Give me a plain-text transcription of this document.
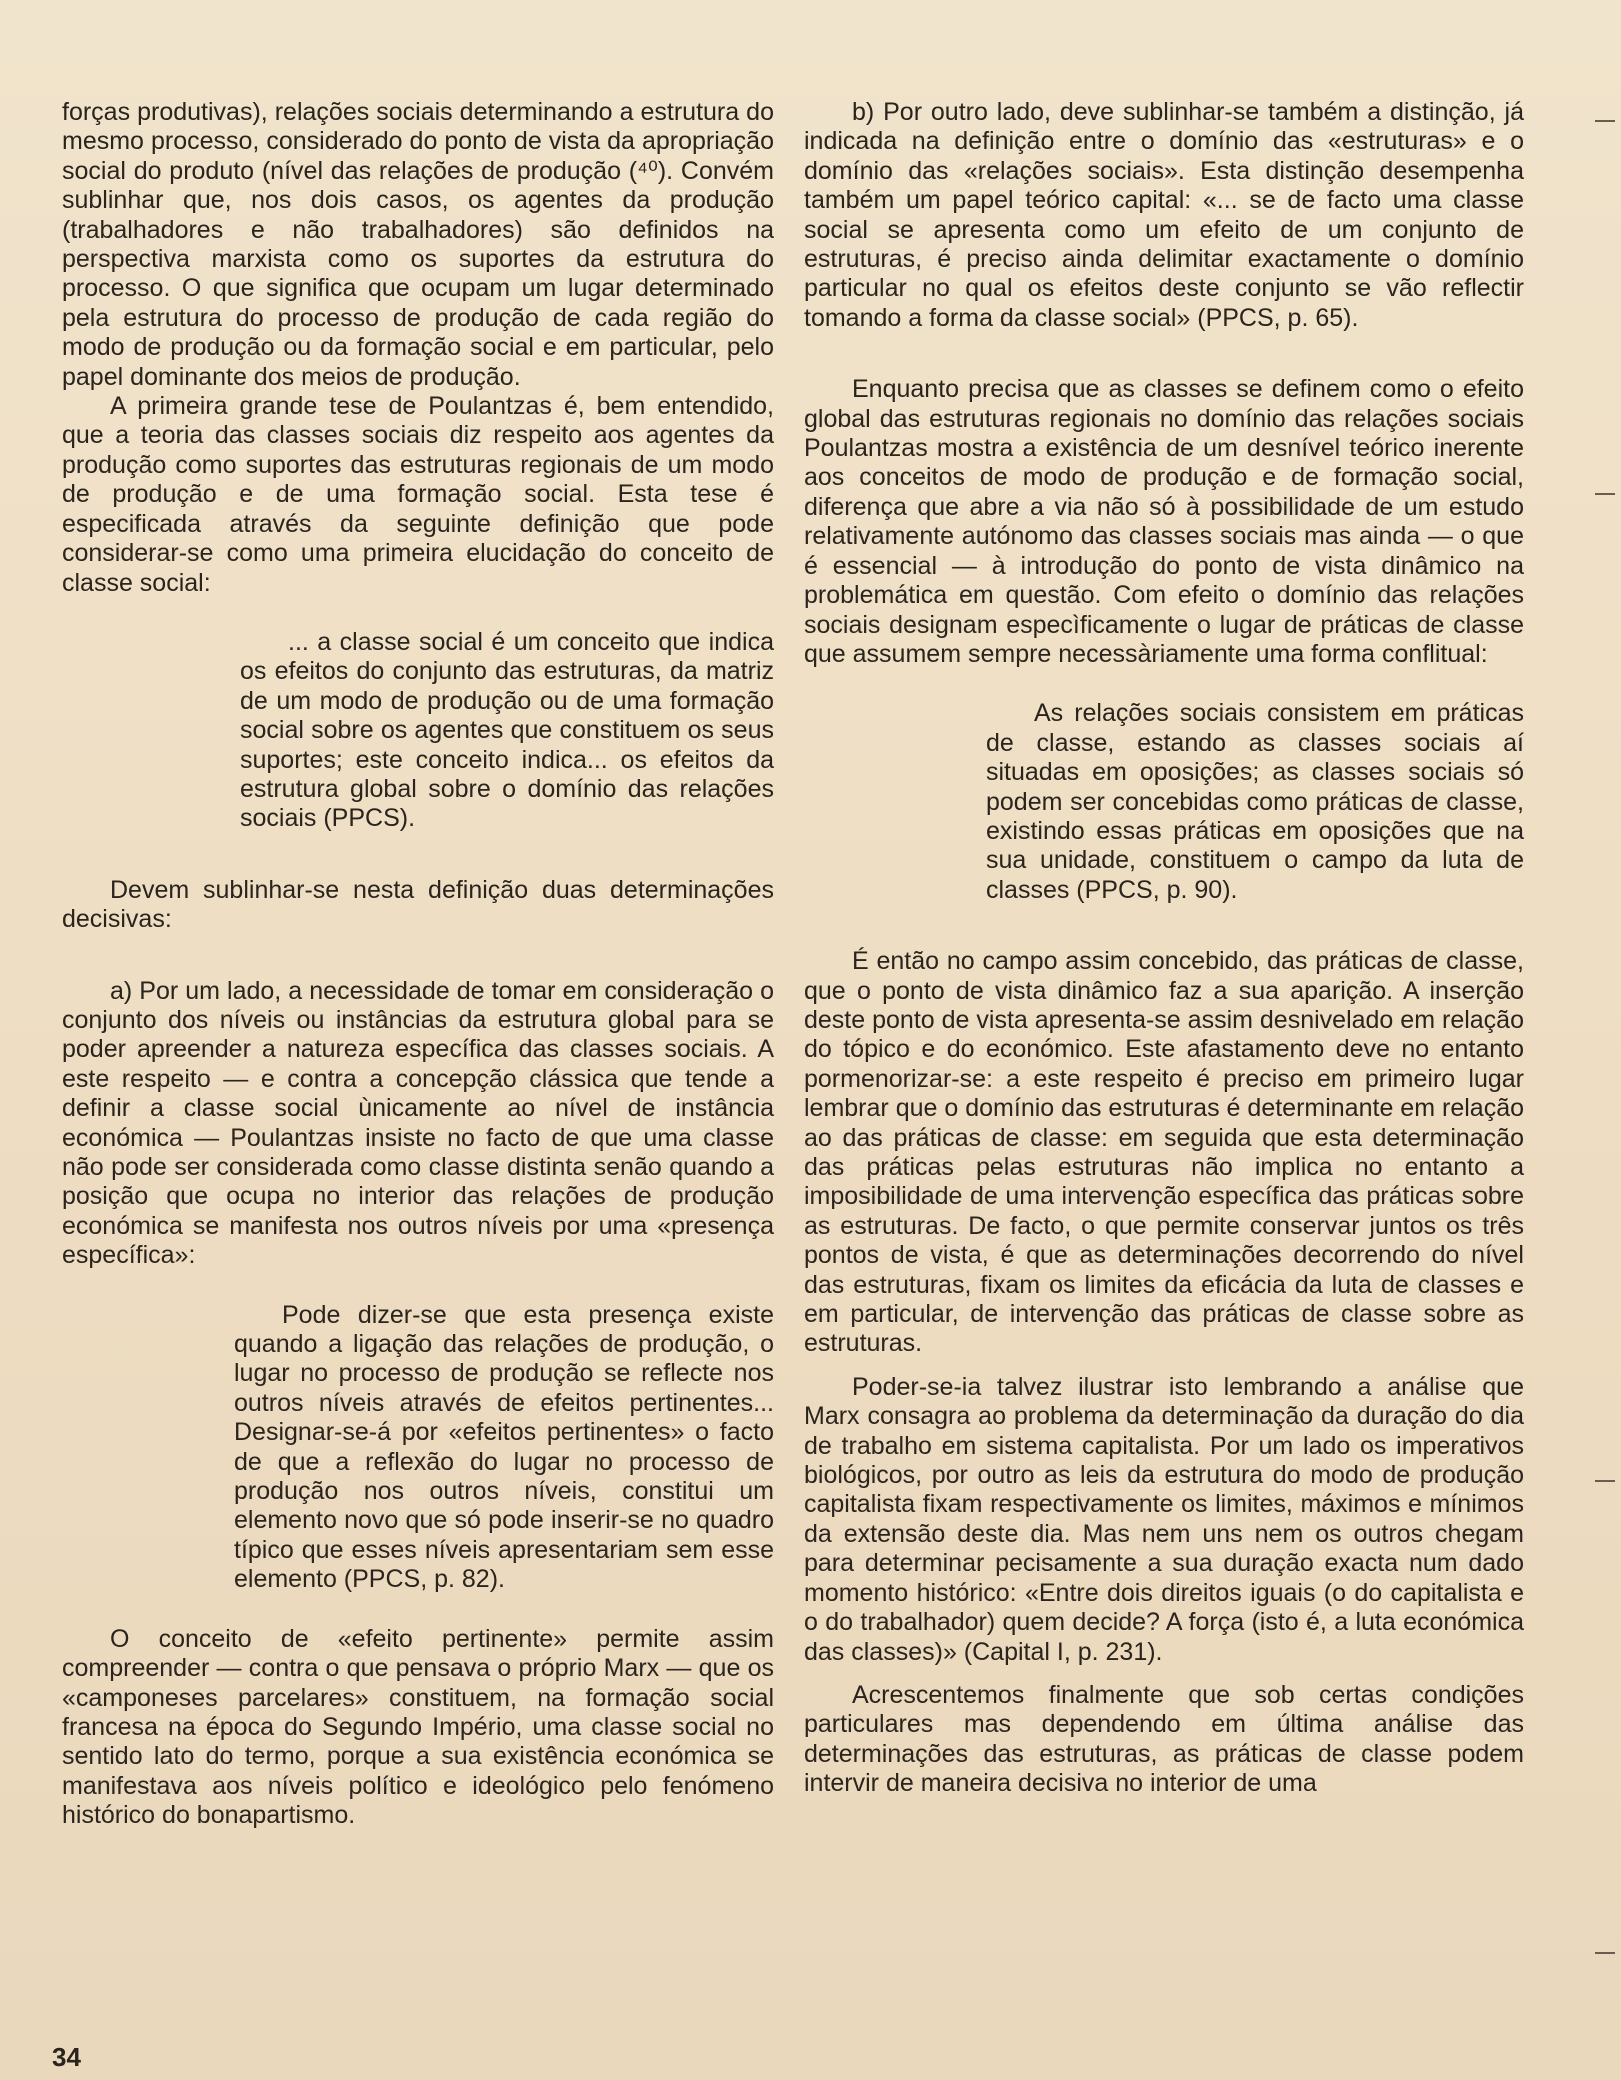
forças produtivas), relações sociais determinando a estrutura do mesmo processo, considerado do ponto de vista da apropriação social do produto (nível das relações de produção (⁴⁰). Convém sublinhar que, nos dois casos, os agentes da produção (trabalhadores e não trabalhadores) são definidos na perspectiva marxista como os suportes da estrutura do processo. O que significa que ocupam um lugar determinado pela estrutura do processo de produção de cada região do modo de produção ou da formação social e em particular, pelo papel dominante dos meios de produção.

A primeira grande tese de Poulantzas é, bem entendido, que a teoria das classes sociais diz respeito aos agentes da produção como suportes das estruturas regionais de um modo de produção e de uma formação social. Esta tese é especificada através da seguinte definição que pode considerar-se como uma primeira elucidação do conceito de classe social:

... a classe social é um conceito que indica os efeitos do conjunto das estruturas, da matriz de um modo de produção ou de uma formação social sobre os agentes que constituem os seus suportes; este conceito indica... os efeitos da estrutura global sobre o domínio das relações sociais (PPCS).

Devem sublinhar-se nesta definição duas determinações decisivas:

a) Por um lado, a necessidade de tomar em consideração o conjunto dos níveis ou instâncias da estrutura global para se poder apreender a natureza específica das classes sociais. A este respeito — e contra a concepção clássica que tende a definir a classe social ùnicamente ao nível de instância económica — Poulantzas insiste no facto de que uma classe não pode ser considerada como classe distinta senão quando a posição que ocupa no interior das relações de produção económica se manifesta nos outros níveis por uma «presença específica»:

Pode dizer-se que esta presença existe quando a ligação das relações de produção, o lugar no processo de produção se reflecte nos outros níveis através de efeitos pertinentes... Designar-se-á por «efeitos pertinentes» o facto de que a reflexão do lugar no processo de produção nos outros níveis, constitui um elemento novo que só pode inserir-se no quadro típico que esses níveis apresentariam sem esse elemento (PPCS, p. 82).

O conceito de «efeito pertinente» permite assim compreender — contra o que pensava o próprio Marx — que os «camponeses parcelares» constituem, na formação social francesa na época do Segundo Império, uma classe social no sentido lato do termo, porque a sua existência económica se manifestava aos níveis político e ideológico pelo fenómeno histórico do bonapartismo.

b) Por outro lado, deve sublinhar-se também a distinção, já indicada na definição entre o domínio das «estruturas» e o domínio das «relações sociais». Esta distinção desempenha também um papel teórico capital: «... se de facto uma classe social se apresenta como um efeito de um conjunto de estruturas, é preciso ainda delimitar exactamente o domínio particular no qual os efeitos deste conjunto se vão reflectir tomando a forma da classe social» (PPCS, p. 65).

Enquanto precisa que as classes se definem como o efeito global das estruturas regionais no domínio das relações sociais Poulantzas mostra a existência de um desnível teórico inerente aos conceitos de modo de produção e de formação social, diferença que abre a via não só à possibilidade de um estudo relativamente autónomo das classes sociais mas ainda — o que é essencial — à introdução do ponto de vista dinâmico na problemática em questão. Com efeito o domínio das relações sociais designam especìficamente o lugar de práticas de classe que assumem sempre necessàriamente uma forma conflitual:

As relações sociais consistem em práticas de classe, estando as classes sociais aí situadas em oposições; as classes sociais só podem ser concebidas como práticas de classe, existindo essas práticas em oposições que na sua unidade, constituem o campo da luta de classes (PPCS, p. 90).

É então no campo assim concebido, das práticas de classe, que o ponto de vista dinâmico faz a sua aparição. A inserção deste ponto de vista apresenta-se assim desnivelado em relação do tópico e do económico. Este afastamento deve no entanto pormenorizar-se: a este respeito é preciso em primeiro lugar lembrar que o domínio das estruturas é determinante em relação ao das práticas de classe: em seguida que esta determinação das práticas pelas estruturas não implica no entanto a imposibilidade de uma intervenção específica das práticas sobre as estruturas. De facto, o que permite conservar juntos os três pontos de vista, é que as determinações decorrendo do nível das estruturas, fixam os limites da eficácia da luta de classes e em particular, de intervenção das práticas de classe sobre as estruturas.

Poder-se-ia talvez ilustrar isto lembrando a análise que Marx consagra ao problema da determinação da duração do dia de trabalho em sistema capitalista. Por um lado os imperativos biológicos, por outro as leis da estrutura do modo de produção capitalista fixam respectivamente os limites, máximos e mínimos da extensão deste dia. Mas nem uns nem os outros chegam para determinar pecisamente a sua duração exacta num dado momento histórico: «Entre dois direitos iguais (o do capitalista e o do trabalhador) quem decide? A força (isto é, a luta económica das classes)» (Capital I, p. 231).

Acrescentemos finalmente que sob certas condições particulares mas dependendo em última análise das determinações das estruturas, as práticas de classe podem intervir de maneira decisiva no interior de uma

34
